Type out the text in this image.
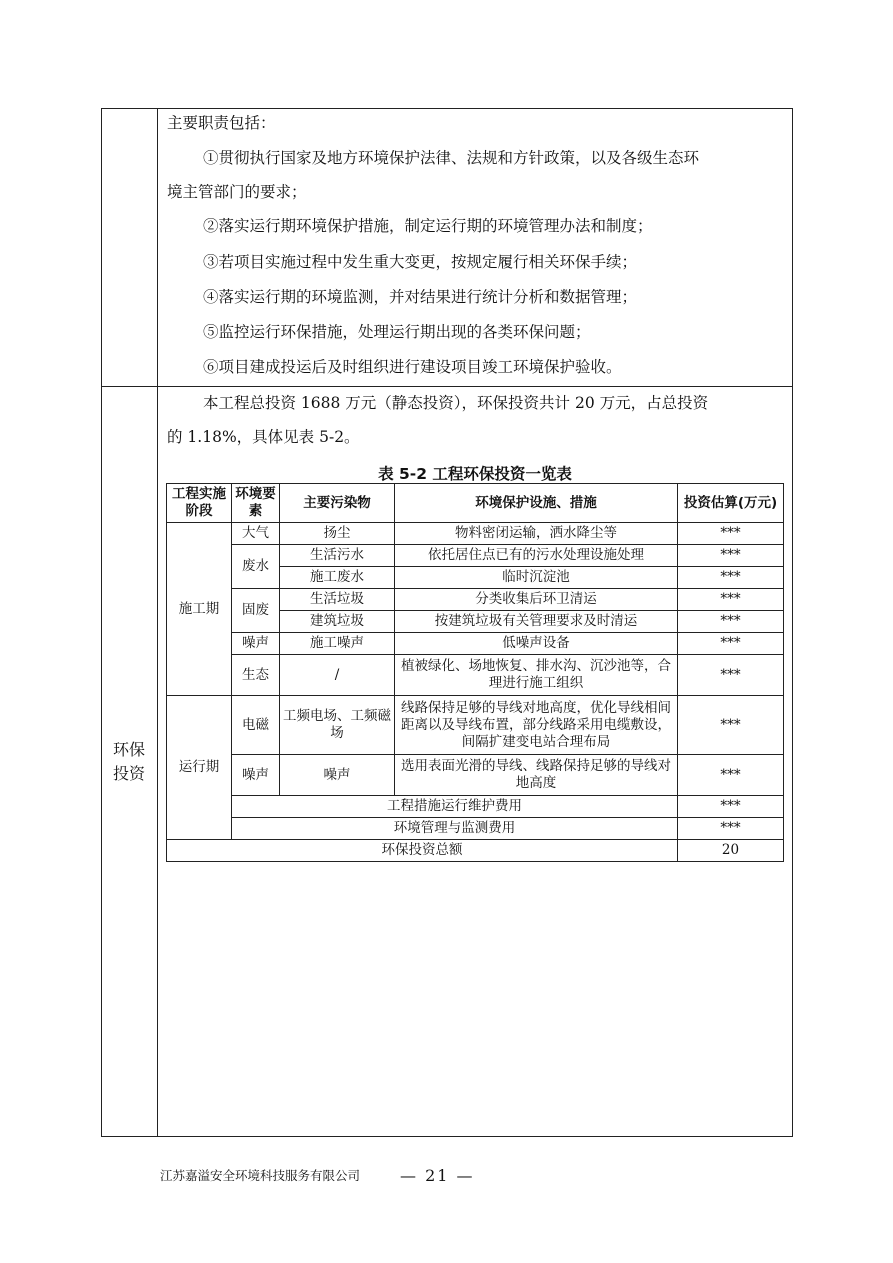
主要职责包括：
①贯彻执行国家及地方环境保护法律、法规和方针政策，以及各级生态环
境主管部门的要求；
②落实运行期环境保护措施，制定运行期的环境管理办法和制度；
③若项目实施过程中发生重大变更，按规定履行相关环保手续；
④落实运行期的环境监测，并对结果进行统计分析和数据管理；
⑤监控运行环保措施，处理运行期出现的各类环保问题；
⑥项目建成投运后及时组织进行建设项目竣工环境保护验收。
环保
投资
本工程总投资 1688 万元（静态投资），环保投资共计 20 万元，占总投资
的 1.18%，具体见表 5-2。
表 5-2 工程环保投资一览表
工程实施阶段	环境要素	主要污染物	环境保护设施、措施	投资估算(万元)
施工期	大气	扬尘	物料密闭运输，洒水降尘等	***
	废水	生活污水	依托居住点已有的污水处理设施处理	***
		施工废水	临时沉淀池	***
	固废	生活垃圾	分类收集后环卫清运	***
		建筑垃圾	按建筑垃圾有关管理要求及时清运	***
	噪声	施工噪声	低噪声设备	***
	生态	/	植被绿化、场地恢复、排水沟、沉沙池等，合理进行施工组织	***
运行期	电磁	工频电场、工频磁场	线路保持足够的导线对地高度，优化导线相间距离以及导线布置，部分线路采用电缆敷设，间隔扩建变电站合理布局	***
	噪声	噪声	选用表面光滑的导线、线路保持足够的导线对地高度	***
	工程措施运行维护费用			***
	环境管理与监测费用			***
环保投资总额				20
江苏嘉溢安全环境科技服务有限公司 — 21 —
